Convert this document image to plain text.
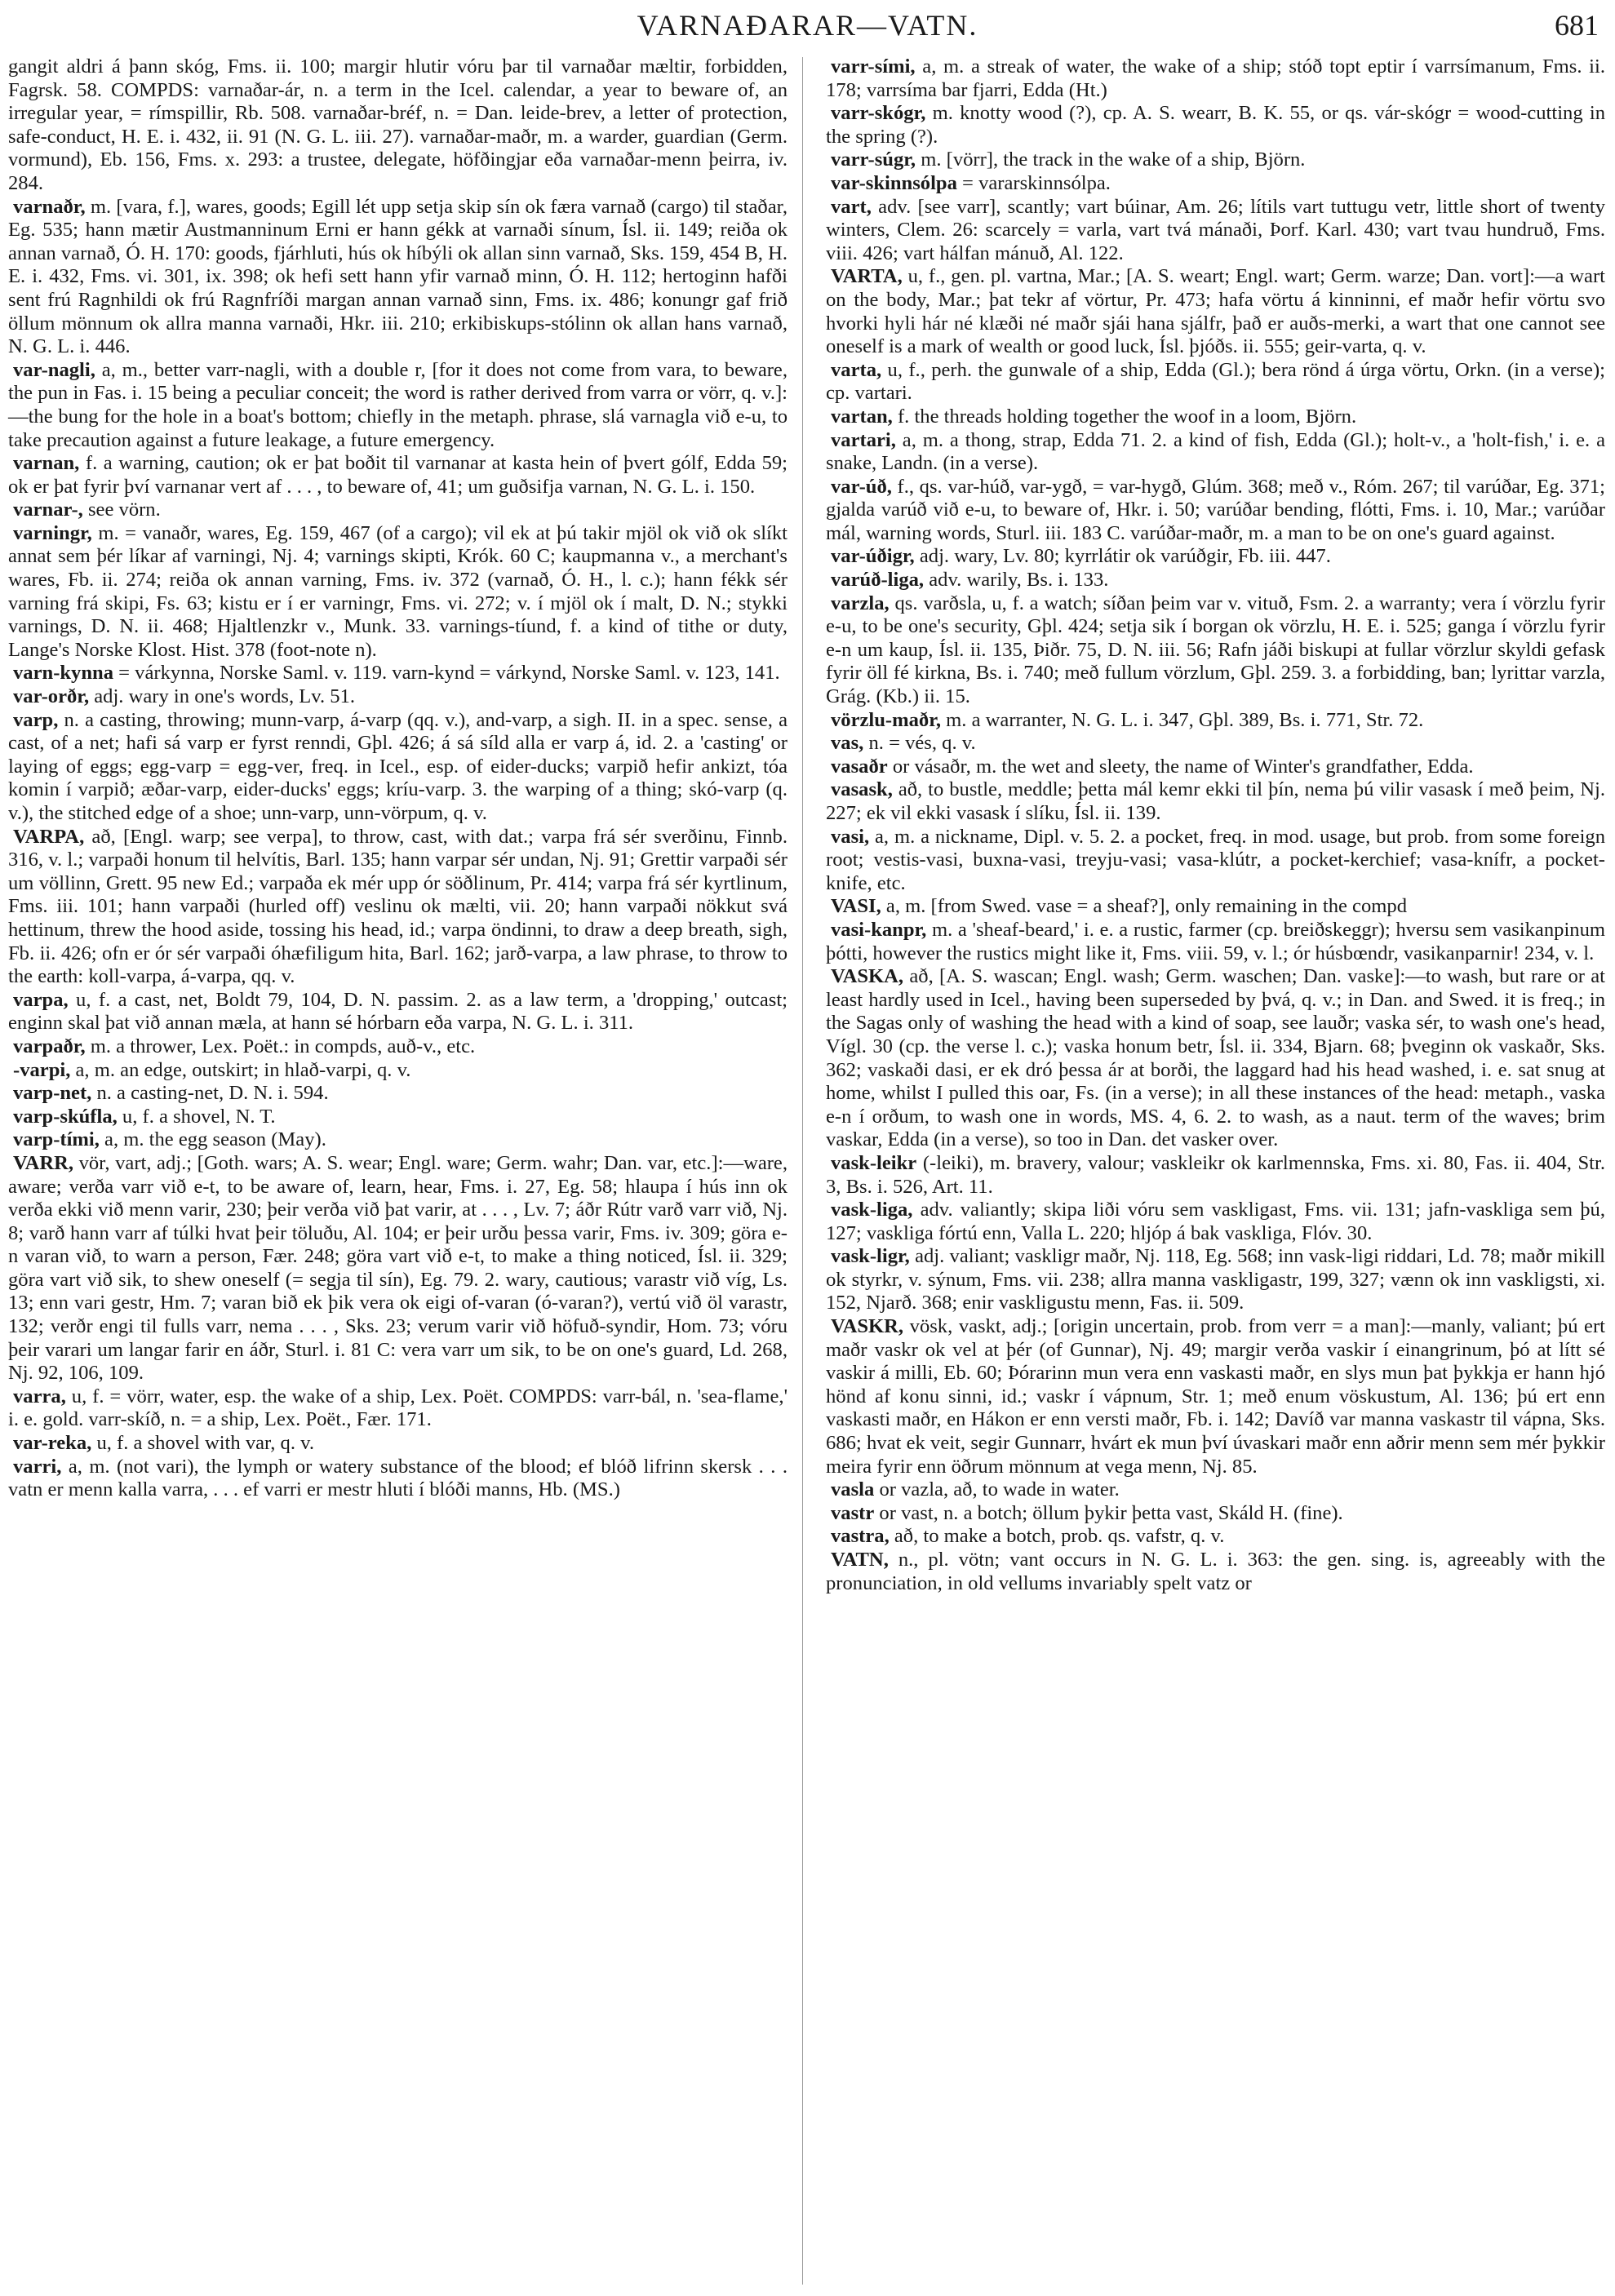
VARNAÐARAR—VATN.	681

gangit aldri á þann skóg, Fms. ii. 100; margir hlutir vóru þar til varnaðar mæltir, forbidden, Fagrsk. 58. COMPDS: varnaðar-ár, n. a term in the Icel. calendar, a year to beware of, an irregular year, = rímspillir, Rb. 508. varnaðar-bréf, n. = Dan. leide-brev, a letter of protection, safe-conduct, H. E. i. 432, ii. 91 (N. G. L. iii. 27). varnaðar-maðr, m. a warder, guardian (Germ. vormund), Eb. 156, Fms. x. 293: a trustee, delegate, höfðingjar eða varnaðar-menn þeirra, iv. 284.

varnaðr, m. [vara, f.], wares, goods; Egill lét upp setja skip sín ok færa varnað (cargo) til staðar, Eg. 535; hann mætir Austmanninum Erni er hann gékk at varnaði sínum, Ísl. ii. 149; reiða ok annan varnað, Ó. H. 170: goods, fjárhluti, hús ok híbýli ok allan sinn varnað, Sks. 159, 454 B, H. E. i. 432, Fms. vi. 301, ix. 398; ok hefi sett hann yfir varnað minn, Ó. H. 112; hertoginn hafði sent frú Ragnhildi ok frú Ragnfríði margan annan varnað sinn, Fms. ix. 486; konungr gaf frið öllum mönnum ok allra manna varnaði, Hkr. iii. 210; erkibiskups-stólinn ok allan hans varnað, N. G. L. i. 446.

var-nagli, a, m., better varr-nagli, with a double r, [for it does not come from vara, to beware, the pun in Fas. i. 15 being a peculiar conceit; the word is rather derived from varra or vörr, q. v.]:—the bung for the hole in a boat's bottom; chiefly in the metaph. phrase, slá varnagla við e-u, to take precaution against a future leakage, a future emergency.

varnan, f. a warning, caution; ok er þat boðit til varnanar at kasta hein of þvert gólf, Edda 59; ok er þat fyrir því varnanar vert af . . . , to beware of, 41; um guðsifja varnan, N. G. L. i. 150.

varnar-, see vörn.

varningr, m. = vanaðr, wares, Eg. 159, 467 (of a cargo); vil ek at þú takir mjöl ok við ok slíkt annat sem þér líkar af varningi, Nj. 4; varnings skipti, Krók. 60 C; kaupmanna v., a merchant's wares, Fb. ii. 274; reiða ok annan varning, Fms. iv. 372 (varnað, Ó. H., l. c.); hann fékk sér varning frá skipi, Fs. 63; kistu er í er varningr, Fms. vi. 272; v. í mjöl ok í malt, D. N.; stykki varnings, D. N. ii. 468; Hjaltlenzkr v., Munk. 33. varnings-tíund, f. a kind of tithe or duty, Lange's Norske Klost. Hist. 378 (foot-note n).

varn-kynna = várkynna, Norske Saml. v. 119. varn-kynd = várkynd, Norske Saml. v. 123, 141.

var-orðr, adj. wary in one's words, Lv. 51.

varp, n. a casting, throwing; munn-varp, á-varp (qq. v.), and-varp, a sigh. II. in a spec. sense, a cast, of a net; hafi sá varp er fyrst renndi, Gþl. 426; á sá síld alla er varp á, id. 2. a 'casting' or laying of eggs; egg-varp = egg-ver, freq. in Icel., esp. of eider-ducks; varpið hefir ankizt, tóa komin í varpið; æðar-varp, eider-ducks' eggs; kríu-varp. 3. the warping of a thing; skó-varp (q. v.), the stitched edge of a shoe; unn-varp, unn-vörpum, q. v.

VARPA, að, [Engl. warp; see verpa], to throw, cast, with dat.; varpa frá sér sverðinu, Finnb. 316, v. l.; varpaði honum til helvítis, Barl. 135; hann varpar sér undan, Nj. 91; Grettir varpaði sér um völlinn, Grett. 95 new Ed.; varpaða ek mér upp ór söðlinum, Pr. 414; varpa frá sér kyrtlinum, Fms. iii. 101; hann varpaði (hurled off) veslinu ok mælti, vii. 20; hann varpaði nökkut svá hettinum, threw the hood aside, tossing his head, id.; varpa öndinni, to draw a deep breath, sigh, Fb. ii. 426; ofn er ór sér varpaði óhæfiligum hita, Barl. 162; jarð-varpa, a law phrase, to throw to the earth: koll-varpa, á-varpa, qq. v.

varpa, u, f. a cast, net, Boldt 79, 104, D. N. passim. 2. as a law term, a 'dropping,' outcast; enginn skal þat við annan mæla, at hann sé hórbarn eða varpa, N. G. L. i. 311.

varpaðr, m. a thrower, Lex. Poët.: in compds, auð-v., etc.

-varpi, a, m. an edge, outskirt; in hlað-varpi, q. v.

varp-net, n. a casting-net, D. N. i. 594.

varp-skúfla, u, f. a shovel, N. T.

varp-tími, a, m. the egg season (May).

VARR, vör, vart, adj.; [Goth. wars; A. S. wear; Engl. ware; Germ. wahr; Dan. var, etc.]:—ware, aware; verða varr við e-t, to be aware of, learn, hear, Fms. i. 27, Eg. 58; hlaupa í hús inn ok verða ekki við menn varir, 230; þeir verða við þat varir, at . . . , Lv. 7; áðr Rútr varð varr við, Nj. 8; varð hann varr af túlki hvat þeir töluðu, Al. 104; er þeir urðu þessa varir, Fms. iv. 309; göra e-n varan við, to warn a person, Fær. 248; göra vart við e-t, to make a thing noticed, Ísl. ii. 329; göra vart við sik, to shew oneself (= segja til sín), Eg. 79. 2. wary, cautious; varastr við víg, Ls. 13; enn vari gestr, Hm. 7; varan bið ek þik vera ok eigi of-varan (ó-varan?), vertú við öl varastr, 132; verðr engi til fulls varr, nema . . . , Sks. 23; verum varir við höfuð-syndir, Hom. 73; vóru þeir varari um langar farir en áðr, Sturl. i. 81 C: vera varr um sik, to be on one's guard, Ld. 268, Nj. 92, 106, 109.

varra, u, f. = vörr, water, esp. the wake of a ship, Lex. Poët. COMPDS: varr-bál, n. 'sea-flame,' i. e. gold. varr-skíð, n. = a ship, Lex. Poët., Fær. 171.

var-reka, u, f. a shovel with var, q. v.

varri, a, m. (not vari), the lymph or watery substance of the blood; ef blóð lifrinn skersk . . . vatn er menn kalla varra, . . . ef varri er mestr hluti í blóði manns, Hb. (MS.)

varr-sími, a, m. a streak of water, the wake of a ship; stóð topt eptir í varrsímanum, Fms. ii. 178; varrsíma bar fjarri, Edda (Ht.)

varr-skógr, m. knotty wood (?), cp. A. S. wearr, B. K. 55, or qs. vár-skógr = wood-cutting in the spring (?).

varr-súgr, m. [vörr], the track in the wake of a ship, Björn.

var-skinnsólpa = vararskinnsólpa.

vart, adv. [see varr], scantly; vart búinar, Am. 26; lítils vart tuttugu vetr, little short of twenty winters, Clem. 26: scarcely = varla, vart tvá mánaði, Þorf. Karl. 430; vart tvau hundruð, Fms. viii. 426; vart hálfan mánuð, Al. 122.

VARTA, u, f., gen. pl. vartna, Mar.; [A. S. weart; Engl. wart; Germ. warze; Dan. vort]:—a wart on the body, Mar.; þat tekr af vörtur, Pr. 473; hafa vörtu á kinninni, ef maðr hefir vörtu svo hvorki hyli hár né klæði né maðr sjái hana sjálfr, það er auðs-merki, a wart that one cannot see oneself is a mark of wealth or good luck, Ísl. þjóðs. ii. 555; geir-varta, q. v.

varta, u, f., perh. the gunwale of a ship, Edda (Gl.); bera rönd á úrga vörtu, Orkn. (in a verse); cp. vartari.

vartan, f. the threads holding together the woof in a loom, Björn.

vartari, a, m. a thong, strap, Edda 71. 2. a kind of fish, Edda (Gl.); holt-v., a 'holt-fish,' i. e. a snake, Landn. (in a verse).

var-úð, f., qs. var-húð, var-ygð, = var-hygð, Glúm. 368; með v., Róm. 267; til varúðar, Eg. 371; gjalda varúð við e-u, to beware of, Hkr. i. 50; varúðar bending, flótti, Fms. i. 10, Mar.; varúðar mál, warning words, Sturl. iii. 183 C. varúðar-maðr, m. a man to be on one's guard against.

var-úðigr, adj. wary, Lv. 80; kyrrlátir ok varúðgir, Fb. iii. 447.

varúð-liga, adv. warily, Bs. i. 133.

varzla, qs. varðsla, u, f. a watch; síðan þeim var v. vituð, Fsm. 2. a warranty; vera í vörzlu fyrir e-u, to be one's security, Gþl. 424; setja sik í borgan ok vörzlu, H. E. i. 525; ganga í vörzlu fyrir e-n um kaup, Ísl. ii. 135, Þiðr. 75, D. N. iii. 56; Rafn jáði biskupi at fullar vörzlur skyldi gefask fyrir öll fé kirkna, Bs. i. 740; með fullum vörzlum, Gþl. 259. 3. a forbidding, ban; lyrittar varzla, Grág. (Kb.) ii. 15.

vörzlu-maðr, m. a warranter, N. G. L. i. 347, Gþl. 389, Bs. i. 771, Str. 72.

vas, n. = vés, q. v.

vasaðr or vásaðr, m. the wet and sleety, the name of Winter's grandfather, Edda.

vasask, að, to bustle, meddle; þetta mál kemr ekki til þín, nema þú vilir vasask í með þeim, Nj. 227; ek vil ekki vasask í slíku, Ísl. ii. 139.

vasi, a, m. a nickname, Dipl. v. 5. 2. a pocket, freq. in mod. usage, but prob. from some foreign root; vestis-vasi, buxna-vasi, treyju-vasi; vasa-klútr, a pocket-kerchief; vasa-knífr, a pocket-knife, etc.

VASI, a, m. [from Swed. vase = a sheaf?], only remaining in the compd

vasi-kanpr, m. a 'sheaf-beard,' i. e. a rustic, farmer (cp. breiðskeggr); hversu sem vasikanpinum þótti, however the rustics might like it, Fms. viii. 59, v. l.; ór húsbœndr, vasikanparnir! 234, v. l.

VASKA, að, [A. S. wascan; Engl. wash; Germ. waschen; Dan. vaske]:—to wash, but rare or at least hardly used in Icel., having been superseded by þvá, q. v.; in Dan. and Swed. it is freq.; in the Sagas only of washing the head with a kind of soap, see lauðr; vaska sér, to wash one's head, Vígl. 30 (cp. the verse l. c.); vaska honum betr, Ísl. ii. 334, Bjarn. 68; þveginn ok vaskaðr, Sks. 362; vaskaði dasi, er ek dró þessa ár at borði, the laggard had his head washed, i. e. sat snug at home, whilst I pulled this oar, Fs. (in a verse); in all these instances of the head: metaph., vaska e-n í orðum, to wash one in words, MS. 4, 6. 2. to wash, as a naut. term of the waves; brim vaskar, Edda (in a verse), so too in Dan. det vasker over.

vask-leikr (-leiki), m. bravery, valour; vaskleikr ok karlmennska, Fms. xi. 80, Fas. ii. 404, Str. 3, Bs. i. 526, Art. 11.

vask-liga, adv. valiantly; skipa liði vóru sem vaskligast, Fms. vii. 131; jafn-vaskliga sem þú, 127; vaskliga fórtú enn, Valla L. 220; hljóp á bak vaskliga, Flóv. 30.

vask-ligr, adj. valiant; vaskligr maðr, Nj. 118, Eg. 568; inn vask-ligi riddari, Ld. 78; maðr mikill ok styrkr, v. sýnum, Fms. vii. 238; allra manna vaskligastr, 199, 327; vænn ok inn vaskligsti, xi. 152, Njarð. 368; enir vaskligustu menn, Fas. ii. 509.

VASKR, vösk, vaskt, adj.; [origin uncertain, prob. from verr = a man]:—manly, valiant; þú ert maðr vaskr ok vel at þér (of Gunnar), Nj. 49; margir verða vaskir í einangrinum, þó at lítt sé vaskir á milli, Eb. 60; Þórarinn mun vera enn vaskasti maðr, en slys mun þat þykkja er hann hjó hönd af konu sinni, id.; vaskr í vápnum, Str. 1; með enum vöskustum, Al. 136; þú ert enn vaskasti maðr, en Hákon er enn versti maðr, Fb. i. 142; Davíð var manna vaskastr til vápna, Sks. 686; hvat ek veit, segir Gunnarr, hvárt ek mun því úvaskari maðr enn aðrir menn sem mér þykkir meira fyrir enn öðrum mönnum at vega menn, Nj. 85.

vasla or vazla, að, to wade in water.

vastr or vast, n. a botch; öllum þykir þetta vast, Skáld H. (fine).

vastra, að, to make a botch, prob. qs. vafstr, q. v.

VATN, n., pl. vötn; vant occurs in N. G. L. i. 363: the gen. sing. is, agreeably with the pronunciation, in old vellums invariably spelt vatz or
